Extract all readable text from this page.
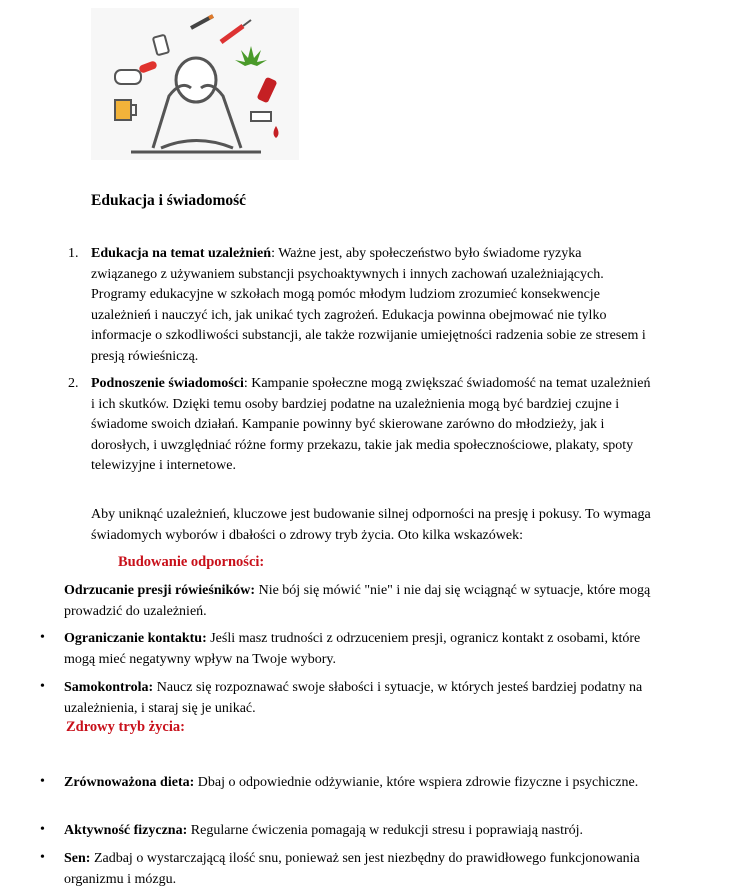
Edukacja i świadomość
1. Edukacja na temat uzależnień: Ważne jest, aby społeczeństwo było świadome ryzyka związanego z używaniem substancji psychoaktywnych i innych zachowań uzależniających. Programy edukacyjne w szkołach mogą pomóc młodym ludziom zrozumieć konsekwencje uzależnień i nauczyć ich, jak unikać tych zagrożeń. Edukacja powinna obejmować nie tylko informacje o szkodliwości substancji, ale także rozwijanie umiejętności radzenia sobie ze stresem i presją rówieśniczą.
2. Podnoszenie świadomości: Kampanie społeczne mogą zwiększać świadomość na temat uzależnień i ich skutków. Dzięki temu osoby bardziej podatne na uzależnienia mogą być bardziej czujne i świadome swoich działań. Kampanie powinny być skierowane zarówno do młodzieży, jak i dorosłych, i uwzględniać różne formy przekazu, takie jak media społecznościowe, plakaty, spoty telewizyjne i internetowe.
Aby uniknąć uzależnień, kluczowe jest budowanie silnej odporności na presję i pokusy. To wymaga świadomych wyborów i dbałości o zdrowy tryb życia. Oto kilka wskazówek:
Budowanie odporności:
Odrzucanie presji rówieśników: Nie bój się mówić "nie" i nie daj się wciągnąć w sytuacje, które mogą prowadzić do uzależnień.
• Ograniczanie kontaktu: Jeśli masz trudności z odrzuceniem presji, ogranicz kontakt z osobami, które mogą mieć negatywny wpływ na Twoje wybory.
• Samokontrola: Naucz się rozpoznawać swoje słabości i sytuacje, w których jesteś bardziej podatny na uzależnienia, i staraj się je unikać.
Zdrowy tryb życia:
• Zrównoważona dieta: Dbaj o odpowiednie odżywianie, które wspiera zdrowie fizyczne i psychiczne.
• Aktywność fizyczna: Regularne ćwiczenia pomagają w redukcji stresu i poprawiają nastrój.
• Sen: Zadbaj o wystarczającą ilość snu, ponieważ sen jest niezbędny do prawidłowego funkcjonowania organizmu i mózgu.
